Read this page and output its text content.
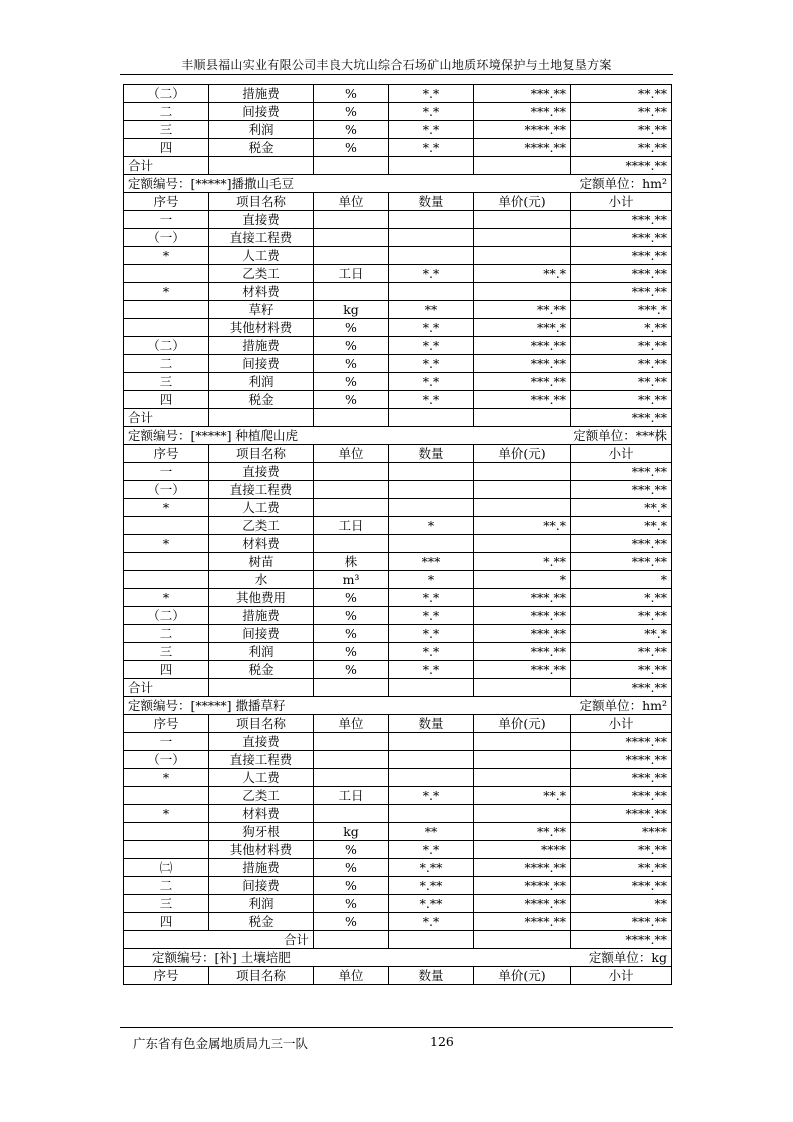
丰顺县福山实业有限公司丰良大坑山综合石场矿山地质环境保护与土地复垦方案
（二）	措施费	%	*.*	***.**	**.**
二	间接费	%	*.*	***.**	**.**
三	利润	%	*.*	****.**	**.**
四	税金	%	*.*	****.**	**.**
合计					****.**

定额编号：[*****]播撒山毛豆 定额单位：hm²					

序号	项目名称	单位	数量	单价(元)	小计
一	直接费				***.**
（一）	直接工程费				***.**
*	人工费				***.**
	乙类工	工日	*.*	**.*	***.**
*	材料费				***.**
	草籽	kg	**	**.**	***.*
	其他材料费	%	*.*	***.*	*.**
（二）	措施费	%	*.*	***.**	**.**
二	间接费	%	*.*	***.**	**.**
三	利润	%	*.*	***.**	**.**
四	税金	%	*.*	***.**	**.**
合计					***.**

定额编号：[*****] 种植爬山虎 定额单位：***株					

序号	项目名称	单位	数量	单价(元)	小计
一	直接费				***.**
（一）	直接工程费				***.**
*	人工费				**.*
	乙类工	工日	*	**.*	**.*
*	材料费				***.**
	树苗	株	***	*.**	***.**
	水	m³	*	*	*
*	其他费用	%	*.*	***.**	*.**
（二）	措施费	%	*.*	***.**	**.**
二	间接费	%	*.*	***.**	**.*
三	利润	%	*.*	***.**	**.**
四	税金	%	*.*	***.**	**.**
合计					***.**

定额编号：[*****] 撒播草籽 定额单位：hm²					

序号	项目名称	单位	数量	单价(元)	小计
一	直接费				****.**
（一）	直接工程费				****.**
*	人工费				***.**
	乙类工	工日	*.*	**.*	***.**
*	材料费				****.**
	狗牙根	kg	**	**.**	****
	其他材料费	%	*.*	****	**.**
㈡	措施费	%	*.**	****.**	**.**
二	间接费	%	*.**	****.**	***.**
三	利润	%	*.**	****.**	**
四	税金	%	*.*	****.**	***.**
合计					****.**

定额编号：[补] 土壤培肥 定额单位：kg					

序号	项目名称	单位	数量	单价(元)	小计
广东省有色金属地质局九三一队	126
